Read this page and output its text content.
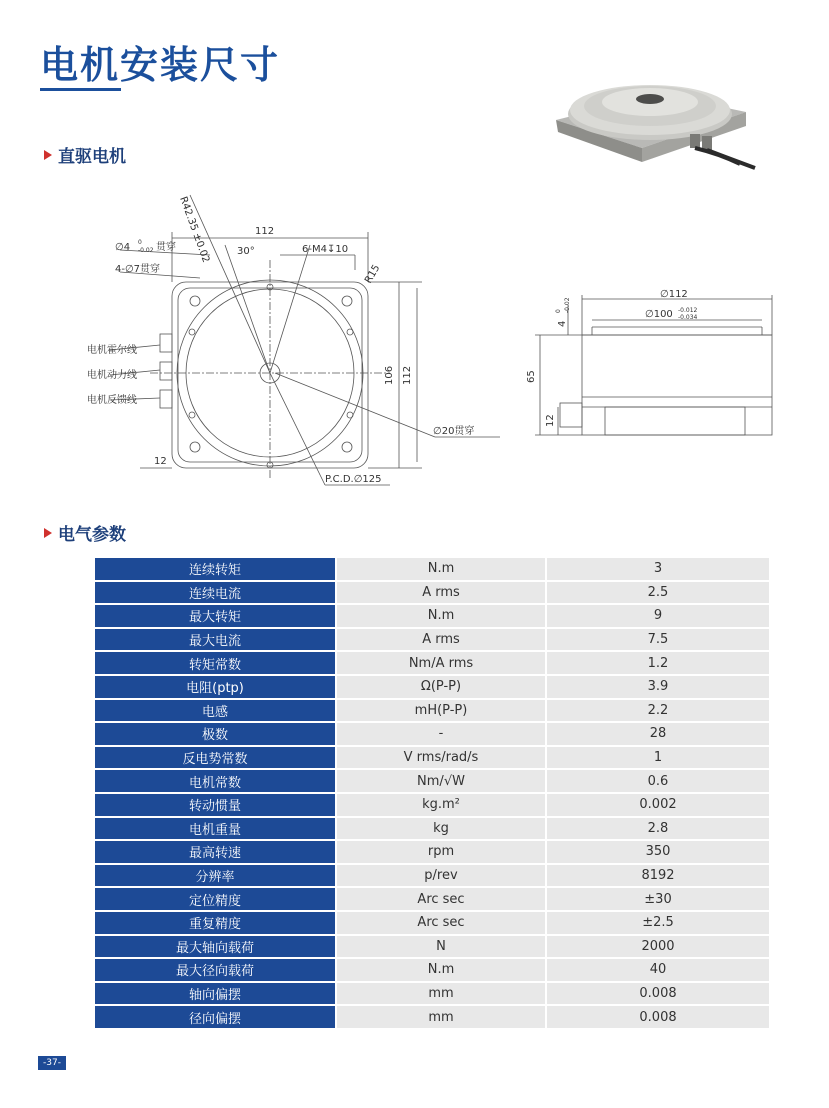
电机安装尺寸
直驱电机
112
R42.35 ±0.02
∅4 0
-0.02 贯穿
4-∅7贯穿
30°	6-M4↧10
R15
电机霍尔线
电机动力线
电机反馈线
106 112
12
∅20贯穿
P.C.D.∅125
∅112
∅100 -0.012
-0.034
4
0 -0.02
65
12
电气参数
连续转矩	N.m	3
连续电流	A rms	2.5
最大转矩	N.m	9
最大电流	A rms	7.5
转矩常数	Nm/A rms	1.2
电阻(ptp)	Ω(P-P)	3.9
电感	mH(P-P)	2.2
极数	-	28
反电势常数	V rms/rad/s	1
电机常数	Nm/√W	0.6
转动惯量	kg.m²	0.002
电机重量	kg	2.8
最高转速	rpm	350
分辨率	p/rev	8192
定位精度	Arc sec	±30
重复精度	Arc sec	±2.5
最大轴向载荷	N	2000
最大径向载荷	N.m	40
轴向偏摆	mm	0.008
径向偏摆	mm	0.008
-37-
